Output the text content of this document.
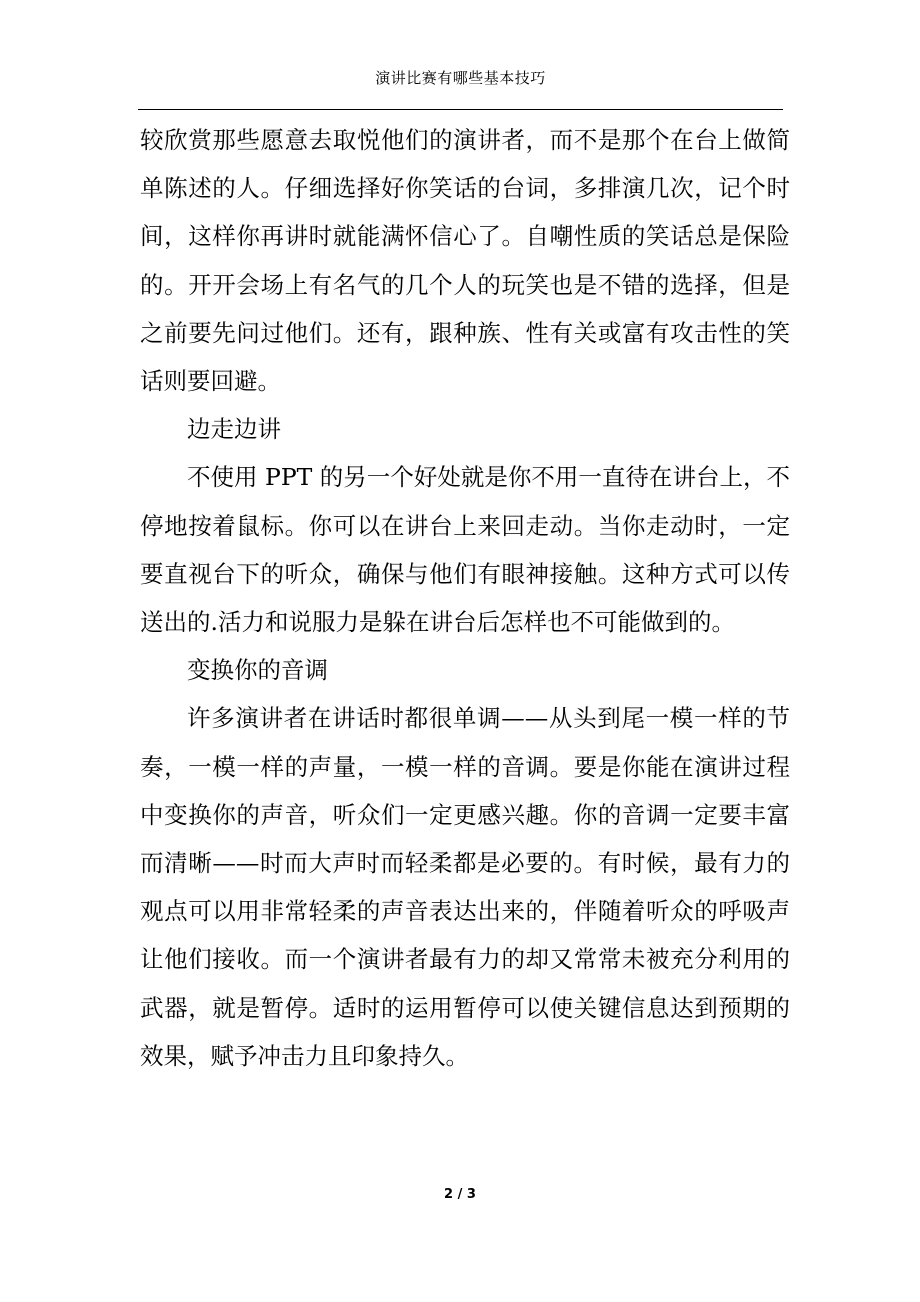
演讲比赛有哪些基本技巧

较欣赏那些愿意去取悦他们的演讲者，而不是那个在台上做简单陈述的人。仔细选择好你笑话的台词，多排演几次，记个时间，这样你再讲时就能满怀信心了。自嘲性质的笑话总是保险的。开开会场上有名气的几个人的玩笑也是不错的选择，但是之前要先问过他们。还有，跟种族、性有关或富有攻击性的笑话则要回避。

边走边讲

不使用 PPT 的另一个好处就是你不用一直待在讲台上，不停地按着鼠标。你可以在讲台上来回走动。当你走动时，一定要直视台下的听众，确保与他们有眼神接触。这种方式可以传送出的.活力和说服力是躲在讲台后怎样也不可能做到的。

变换你的音调

许多演讲者在讲话时都很单调——从头到尾一模一样的节奏，一模一样的声量，一模一样的音调。要是你能在演讲过程中变换你的声音，听众们一定更感兴趣。你的音调一定要丰富而清晰——时而大声时而轻柔都是必要的。有时候，最有力的观点可以用非常轻柔的声音表达出来的，伴随着听众的呼吸声让他们接收。而一个演讲者最有力的却又常常未被充分利用的武器，就是暂停。适时的运用暂停可以使关键信息达到预期的效果，赋予冲击力且印象持久。

2 / 3
